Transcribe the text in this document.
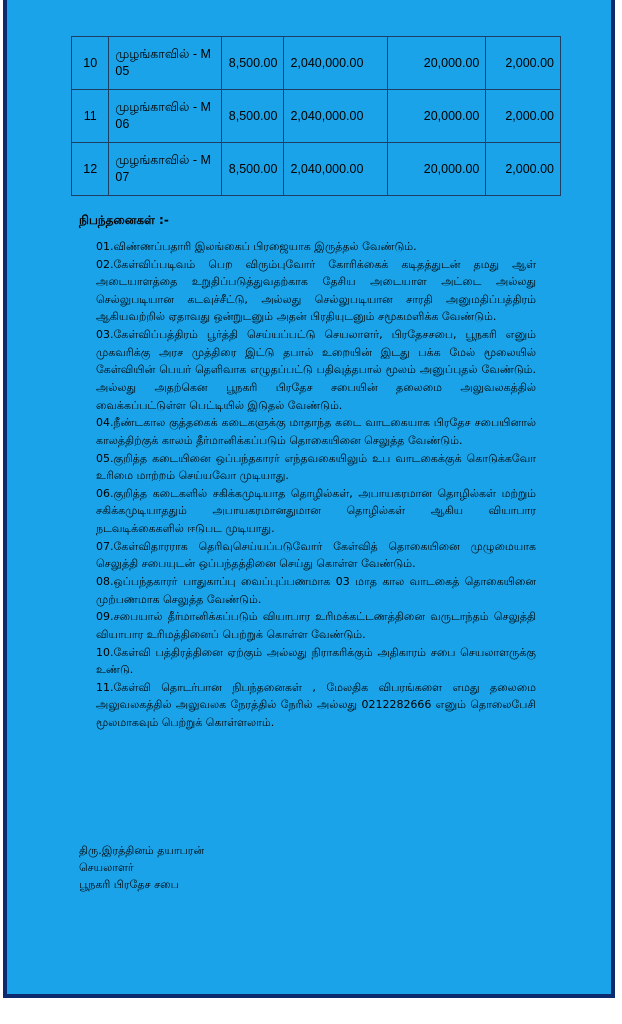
10	முழங்காவில் - M 05	8,500.00	2,040,000.00	20,000.00	2,000.00
11	முழங்காவில் - M 06	8,500.00	2,040,000.00	20,000.00	2,000.00
12	முழங்காவில் - M 07	8,500.00	2,040,000.00	20,000.00	2,000.00
நிபந்தனைகள் :-
01.விண்ணப்பதாரி இலங்கைப் பிரஜையாக இருத்தல் வேண்டும்.
02.கேள்விப்படிவம் பெற விரும்புவோர் கோரிக்கைக் கடிதத்துடன் தமது ஆள் அடையாளத்தை உறுதிப்படுத்துவதற்காக தேசிய அடையாள அட்டை அல்லது செல்லுபடியான கடவுச்சீட்டு, அல்லது செல்லுபடியான சாரதி அனுமதிப்பத்திரம் ஆகியவற்றில் ஏதாவது ஒன்றுடனும் அதன் பிரதியுடனும் சமூகமளிக்க வேண்டும்.
03.கேள்விப்பத்திரம் பூர்த்தி செய்யப்பட்டு செயலாளர், பிரதேசசபை, பூநகரி எனும் முகவரிக்கு அரச முத்திரை இட்டு தபால் உறையின் இடது பக்க மேல் மூலையில் கேள்வியின் பெயர் தெளிவாக எழுதப்பட்டு பதிவுத்தபால் மூலம் அனுப்புதல் வேண்டும். அல்லது அதற்கென பூநகரி பிரதேச சபையின் தலைமை அலுவலகத்தில் வைக்கப்பட்டுள்ள பெட்டியில் இடுதல் வேண்டும்.
04.நீண்டகால குத்தகைக் கடைகளுக்கு மாதாந்த கடை வாடகையாக பிரதேச சபையினால் காலத்திற்குக் காலம் தீர்மானிக்கப்படும் தொகையினை செலுத்த வேண்டும்.
05.குறித்த கடையினை ஒப்பந்தகாரர் எந்தவகையிலும் உப வாடகைக்குக் கொடுக்கவோ உரிமை மாற்றம் செய்யவோ முடியாது.
06.குறித்த கடைகளில் சகிக்கமுடியாத தொழில்கள், அபாயகரமான தொழில்கள் மற்றும் சகிக்கமுடியாததும் அபாயகரமானதுமான தொழில்கள் ஆகிய வியாபார நடவடிக்கைகளில் ஈடுபட முடியாது.
07.கேள்விதாரராக தெரிவுசெய்யப்படுவோர் கேள்வித் தொகையினை முழுமையாக செலுத்தி சபையுடன் ஒப்பந்தத்தினை செய்து கொள்ள வேண்டும்.
08.ஒப்பந்தகாரர் பாதுகாப்பு வைப்புப்பணமாக 03 மாத கால வாடகைத் தொகையினை முற்பணமாக செலுத்த வேண்டும்.
09.சபையால் தீர்மானிக்கப்படும் வியாபார உரிமக்கட்டணத்தினை வருடாந்தம் செலுத்தி வியாபார உரிமத்தினைப் பெற்றுக் கொள்ள வேண்டும்.
10.கேள்வி பத்திரத்தினை ஏற்கும் அல்லது நிராகரிக்கும் அதிகாரம் சபை செயலாளருக்கு உண்டு.
11.கேள்வி தொடர்பான நிபந்தனைகள் , மேலதிக விபரங்களை எமது தலைமை அலுவலகத்தில் அலுவலக நேரத்தில் நேரில் அல்லது 0212282666 எனும் தொலைபேசி மூலமாகவும் பெற்றுக் கொள்ளலாம்.
திரு.இரத்தினம் தயாபரன்
செயலாளர்
பூநகரி பிரதேச சபை
